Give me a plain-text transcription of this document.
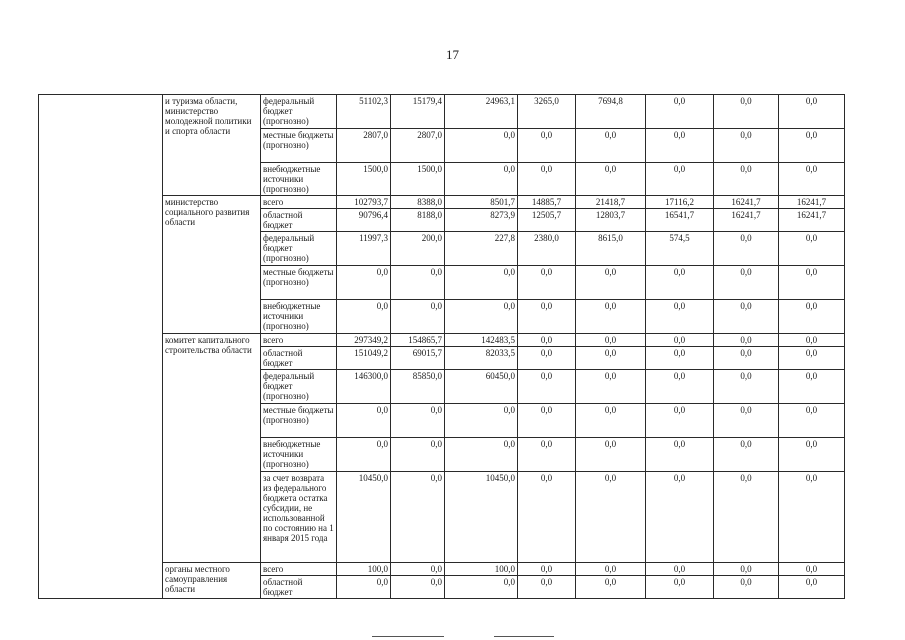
17
	и туризма области, министерство молодежной политики и спорта области	федеральный бюджет (прогнозно)	51102,3	15179,4	24963,1	3265,0	7694,8	0,0	0,0	0,0
		местные бюджеты (прогнозно)	2807,0	2807,0	0,0	0,0	0,0	0,0	0,0	0,0
		внебюджетные источники (прогнозно)	1500,0	1500,0	0,0	0,0	0,0	0,0	0,0	0,0
	министерство социального развития области	всего	102793,7	8388,0	8501,7	14885,7	21418,7	17116,2	16241,7	16241,7
		областной бюджет	90796,4	8188,0	8273,9	12505,7	12803,7	16541,7	16241,7	16241,7
		федеральный бюджет (прогнозно)	11997,3	200,0	227,8	2380,0	8615,0	574,5	0,0	0,0
		местные бюджеты (прогнозно)	0,0	0,0	0,0	0,0	0,0	0,0	0,0	0,0
		внебюджетные источники (прогнозно)	0,0	0,0	0,0	0,0	0,0	0,0	0,0	0,0
	комитет капитального строительства области	всего	297349,2	154865,7	142483,5	0,0	0,0	0,0	0,0	0,0
		областной бюджет	151049,2	69015,7	82033,5	0,0	0,0	0,0	0,0	0,0
		федеральный бюджет (прогнозно)	146300,0	85850,0	60450,0	0,0	0,0	0,0	0,0	0,0
		местные бюджеты (прогнозно)	0,0	0,0	0,0	0,0	0,0	0,0	0,0	0,0
		внебюджетные источники (прогнозно)	0,0	0,0	0,0	0,0	0,0	0,0	0,0	0,0
		за счет возврата из федерального бюджета остатка субсидии, не использованной по состоянию на 1 января 2015 года	10450,0	0,0	10450,0	0,0	0,0	0,0	0,0	0,0
	органы местного самоуправления области	всего	100,0	0,0	100,0	0,0	0,0	0,0	0,0	0,0
		областной бюджет	0,0	0,0	0,0	0,0	0,0	0,0	0,0	0,0
